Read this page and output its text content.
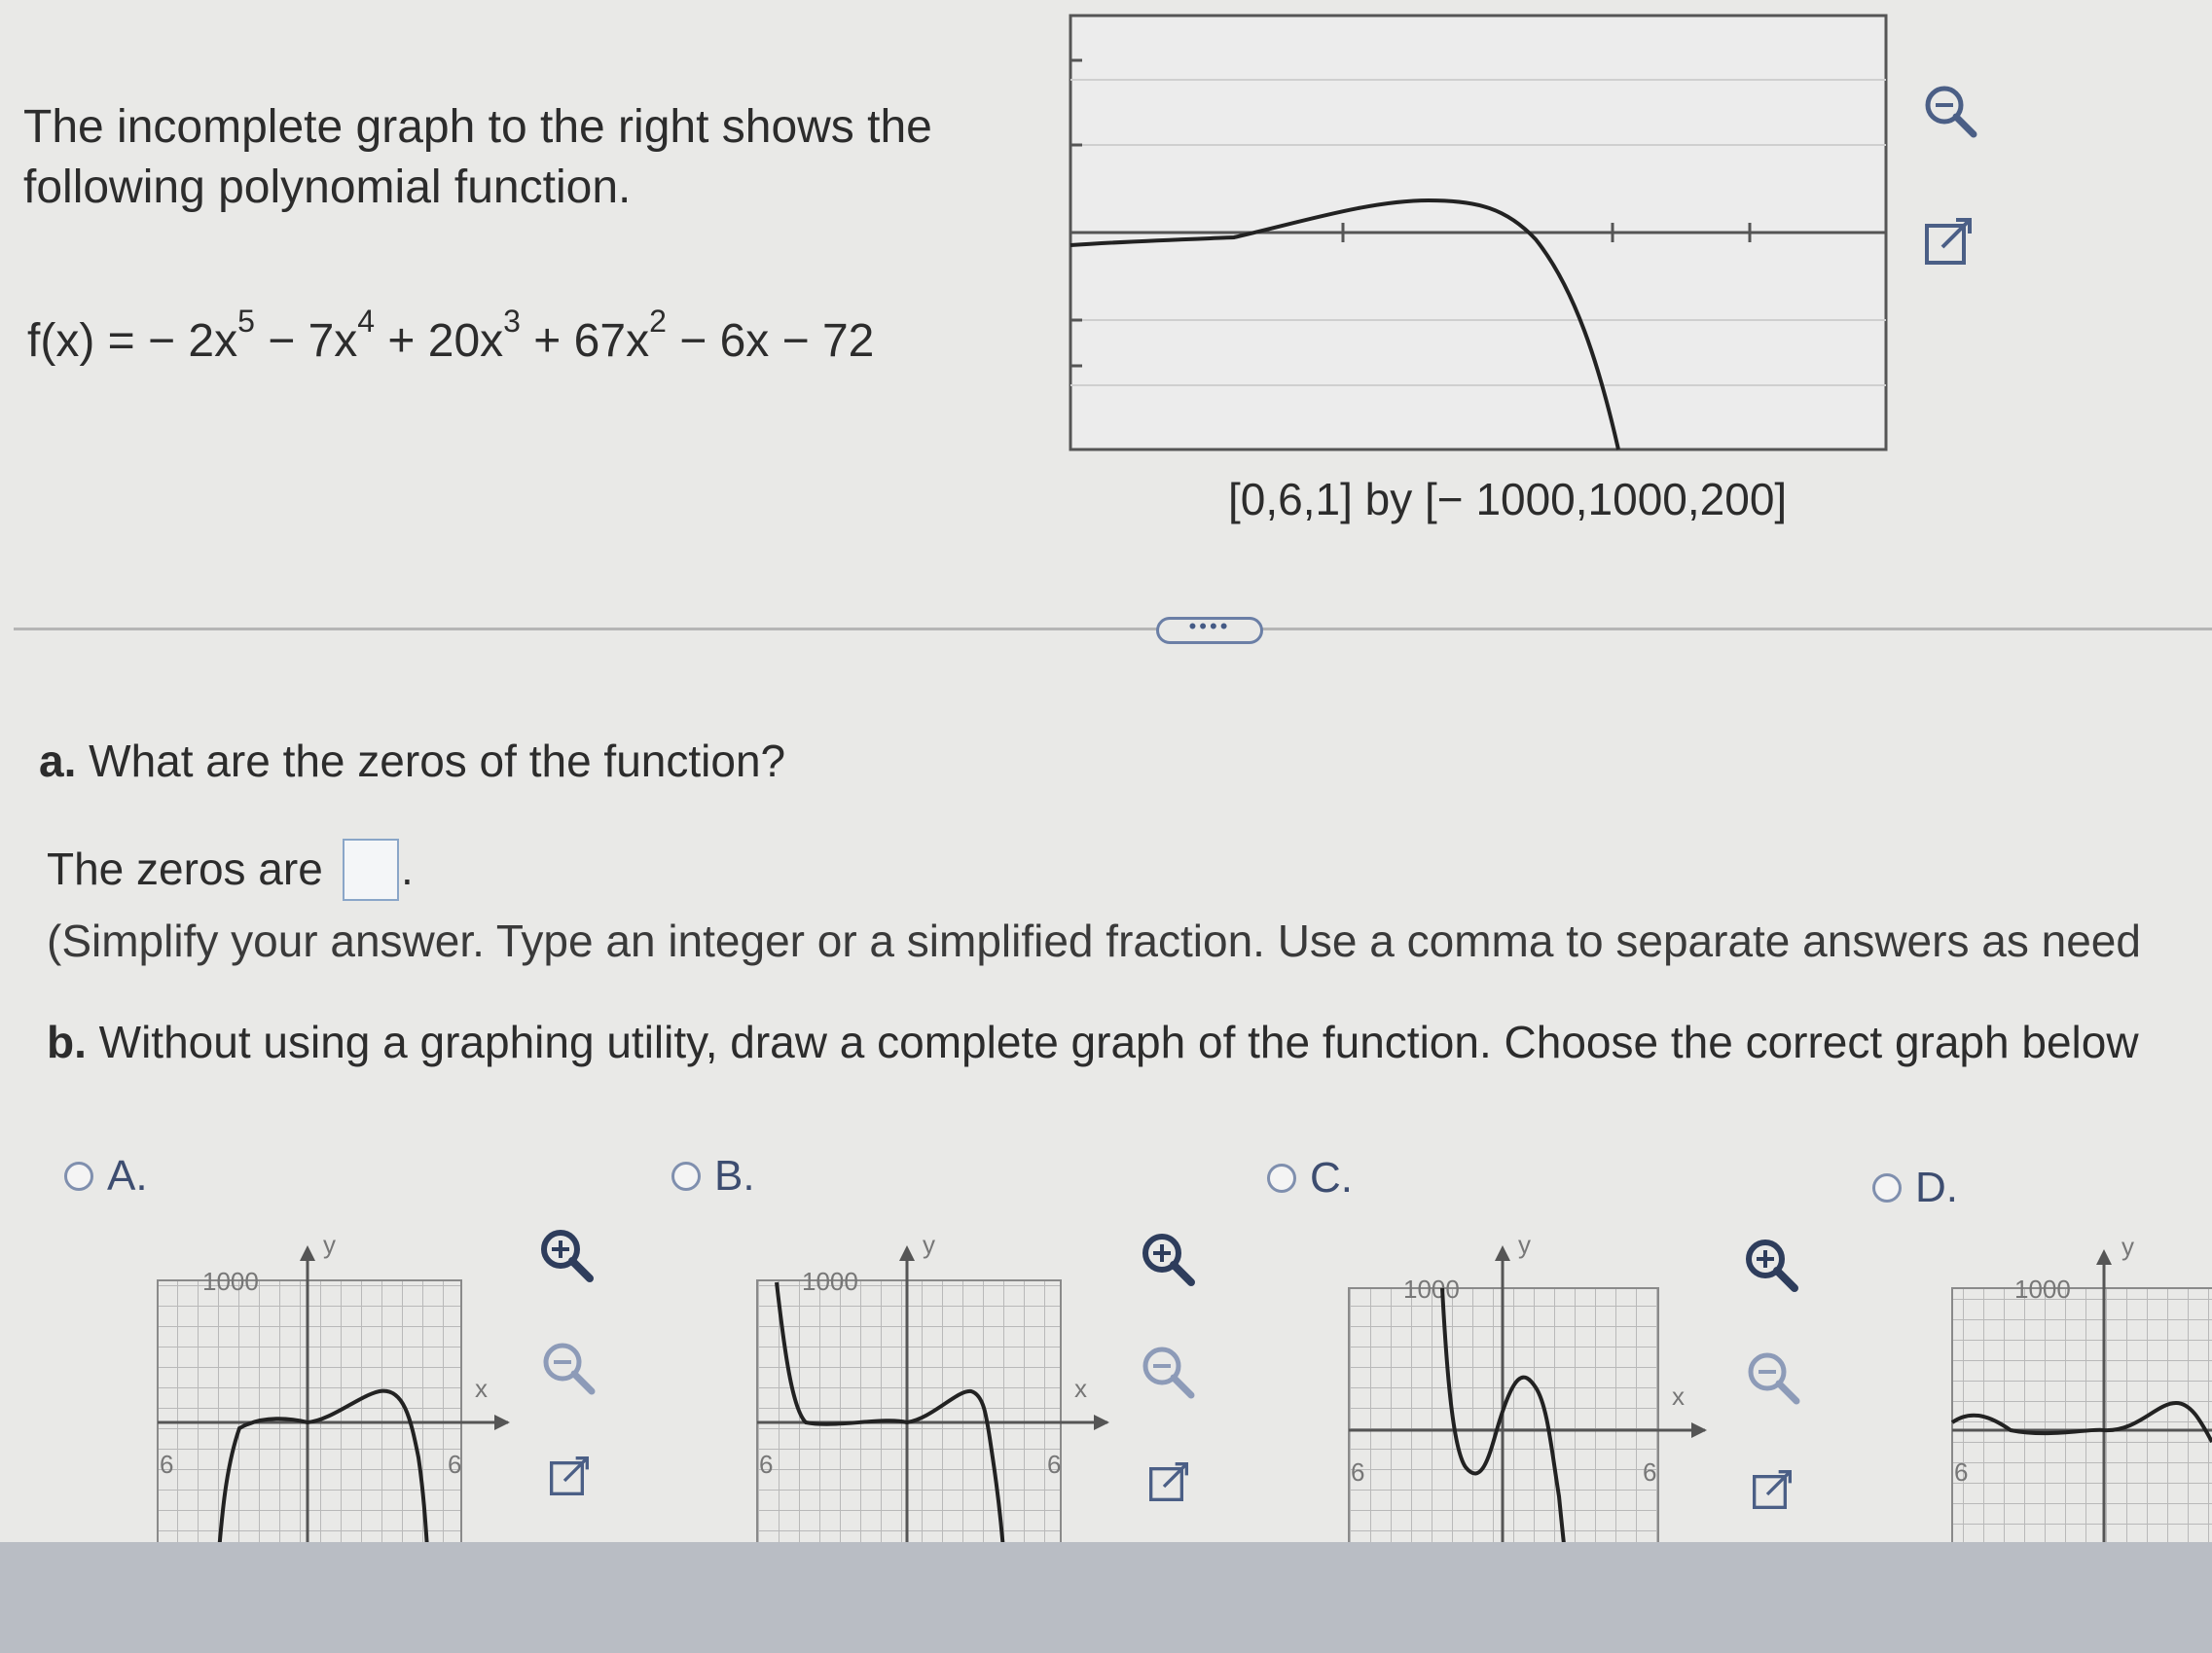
The incomplete graph to the right shows the
following polynomial function.
f(x) = − $2x^5 - 7x^4 + 20x^3 + 67x^2 - 6x - 72$
[0,6,1] by [− 1000,1000,200]
••••
a. What are the zeros of the function?
The zeros are .
(Simplify your answer. Type an integer or a simplified fraction. Use a comma to separate answers as need
b. Without using a graphing utility, draw a complete graph of the function. Choose the correct graph below
A.	B.	C.	D.
1000
y
x
6	6
1000
y
x
6	6
1000
y
x
6	6
1000
y
6
